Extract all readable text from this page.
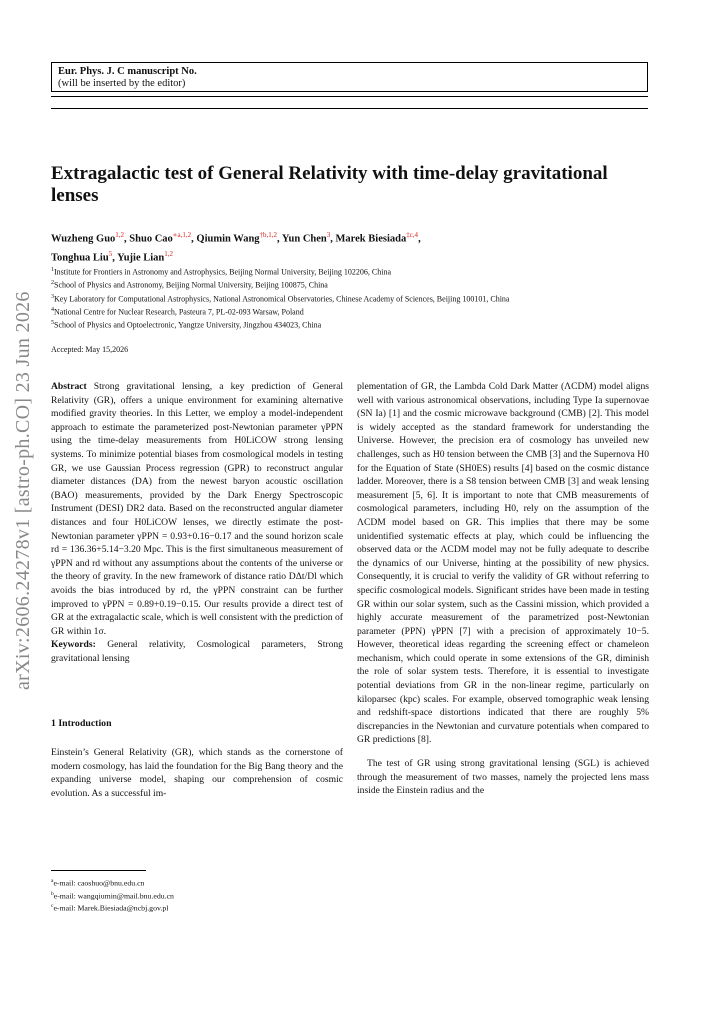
Eur. Phys. J. C manuscript No.
(will be inserted by the editor)
Extragalactic test of General Relativity with time-delay gravitational lenses
Wuzheng Guo$^{1,2}$, Shuo Cao$^{∗a,1,2}$, Qiumin Wang$^{\dagger b,1,2}$, Yun Chen$^3$, Marek Biesiada$^{\ddagger c,4}$,
Tonghua Liu$^5$, Yujie Lian$^{1,2}$
$^1$Institute for Frontiers in Astronomy and Astrophysics, Beijing Normal University, Beijing 102206, China
$^2$School of Physics and Astronomy, Beijing Normal University, Beijing 100875, China
$^3$Key Laboratory for Computational Astrophysics, National Astronomical Observatories, Chinese Academy of Sciences, Beijing 100101, China
$^4$National Centre for Nuclear Research, Pasteura 7, PL-02-093 Warsaw, Poland
$^5$School of Physics and Optoelectronic, Yangtze University, Jingzhou 434023, China
Accepted: May 15,2026
arXiv:2606.24278v1 [astro-ph.CO] 23 Jun 2026 Abstract Strong gravitational lensing, a key prediction of General Relativity (GR), offers a unique environment for examining alternative modified gravity theories. In this Letter, we employ a model-independent approach to estimate the parameterized post-Newtonian parameter γPPN using the time-delay measurements from H0LiCOW strong lensing systems. To minimize potential biases from cosmological models in testing GR, we use Gaussian Process regression (GPR) to reconstruct angular diameter distances (DA) from the newest baryon acoustic oscillation (BAO) measurements, provided by the Dark Energy Spectroscopic Instrument (DESI) DR2 data. Based on the reconstructed angular diameter distances and four H0LiCOW lenses, we directly estimate the post-Newtonian parameter γPPN = 0.93+0.16−0.17 and the sound horizon scale rd = 136.36+5.14−3.20 Mpc. This is the first simultaneous measurement of γPPN and rd without any assumptions about the contents of the universe or the theory of gravity. In the new framework of distance ratio DΔt/Dl which avoids the bias introduced by rd, the γPPN constraint can be further improved to γPPN = 0.89+0.19−0.15. Our results provide a direct test of GR at the extragalactic scale, which is well consistent with the prediction of GR within 1σ.

Keywords: General relativity, Cosmological parameters, Strong gravitational lensing

1 Introduction
Einstein’s General Relativity (GR), which stands as the cornerstone of modern cosmology, has laid the foundation for the Big Bang theory and the expanding universe model, shaping our comprehension of cosmic evolution. As a successful im-
$^a$e-mail: caoshuo@bnu.edu.cn
$^b$e-mail: wangqiumin@mail.bnu.edu.cn
$^c$e-mail: Marek.Biesiada@ncbj.gov.pl

plementation of GR, the Lambda Cold Dark Matter (ΛCDM) model aligns well with various astronomical observations, including Type Ia supernovae (SN Ia) [1] and the cosmic microwave background (CMB) [2]. This model is widely accepted as the standard framework for understanding the Universe. However, the precision era of cosmology has unveiled new challenges, such as H0 tension between the CMB [3] and the Supernova H0 for the Equation of State (SH0ES) results [4] based on the cosmic distance ladder. Moreover, there is a S8 tension between CMB [3] and weak lensing measurement [5, 6]. It is important to note that CMB measurements of cosmological parameters, including H0, rely on the assumption of the ΛCDM model based on GR. This implies that there may be some unidentified systematic effects at play, which could be influencing the observed data or the ΛCDM model may not be fully adequate to describe the dynamics of our Universe, hinting at the possibility of new physics. Consequently, it is crucial to verify the validity of GR without referring to specific cosmological models. Significant strides have been made in testing GR within our solar system, such as the Cassini mission, which provided a highly accurate measurement of the parametrized post-Newtonian parameter (PPN) γPPN [7] with a precision of approximately 10−5. However, theoretical ideas regarding the screening effect or chameleon mechanism, which could operate in some extensions of the GR, diminish the role of solar system tests. Therefore, it is essential to investigate potential deviations from GR in the non-linear regime, particularly on kiloparsec (kpc) scales. For example, observed tomographic weak lensing and redshift-space distortions indicated that there are roughly 5% discrepancies in the Newtonian and curvature potentials when compared to GR predictions [8].

The test of GR using strong gravitational lensing (SGL) is achieved through the measurement of two masses, namely the projected lens mass inside the Einstein radius and the
